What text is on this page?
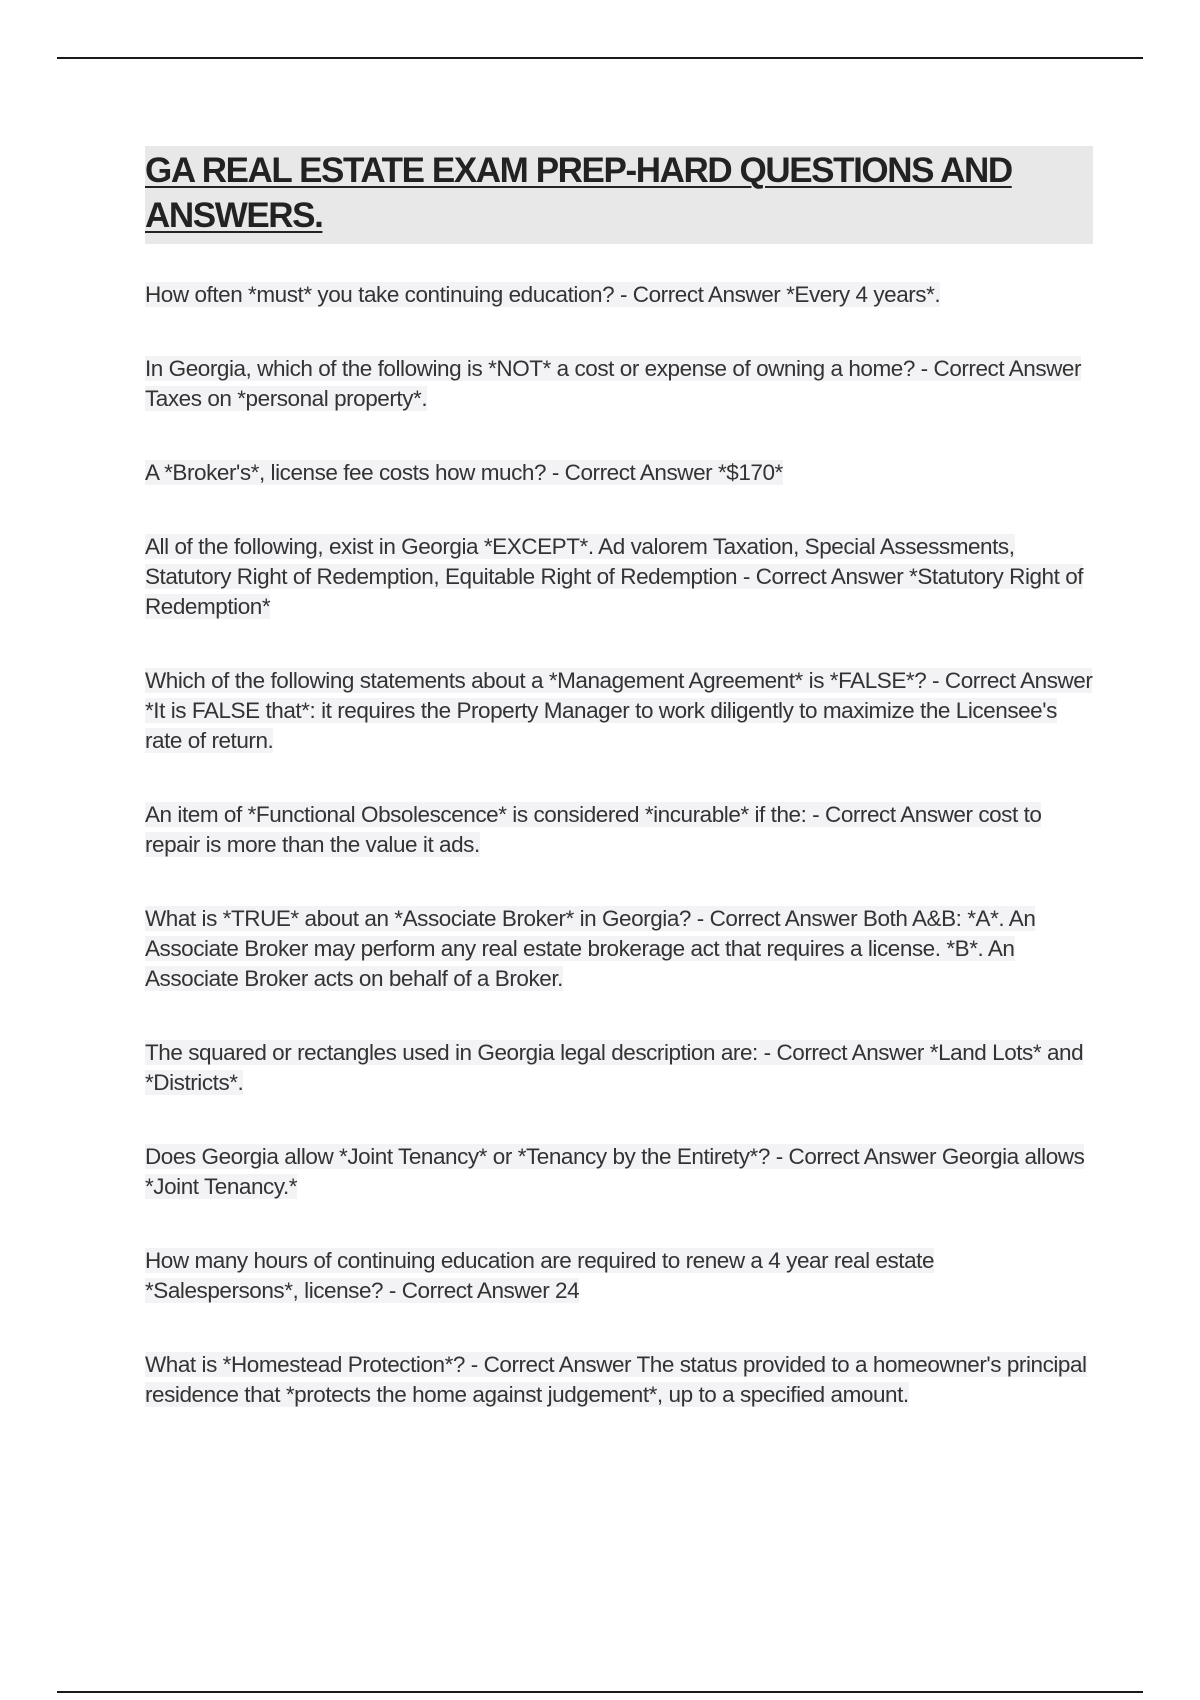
GA REAL ESTATE EXAM PREP-HARD QUESTIONS AND ANSWERS.
How often *must* you take continuing education? - Correct Answer *Every 4 years*.
In Georgia, which of the following is *NOT* a cost or expense of owning a home? - Correct Answer Taxes on *personal property*.
A *Broker's*, license fee costs how much? - Correct Answer *$170*
All of the following, exist in Georgia *EXCEPT*. Ad valorem Taxation, Special Assessments, Statutory Right of Redemption, Equitable Right of Redemption - Correct Answer *Statutory Right of Redemption*
Which of the following statements about a *Management Agreement* is *FALSE*? - Correct Answer *It is FALSE that*: it requires the Property Manager to work diligently to maximize the Licensee's rate of return.
An item of *Functional Obsolescence* is considered *incurable* if the: - Correct Answer cost to repair is more than the value it ads.
What is *TRUE* about an *Associate Broker* in Georgia? - Correct Answer Both A&B: *A*. An Associate Broker may perform any real estate brokerage act that requires a license. *B*. An Associate Broker acts on behalf of a Broker.
The squared or rectangles used in Georgia legal description are: - Correct Answer *Land Lots* and *Districts*.
Does Georgia allow *Joint Tenancy* or *Tenancy by the Entirety*? - Correct Answer Georgia allows *Joint Tenancy.*
How many hours of continuing education are required to renew a 4 year real estate *Salespersons*, license? - Correct Answer 24
What is *Homestead Protection*? - Correct Answer The status provided to a homeowner's principal residence that *protects the home against judgement*, up to a specified amount.
